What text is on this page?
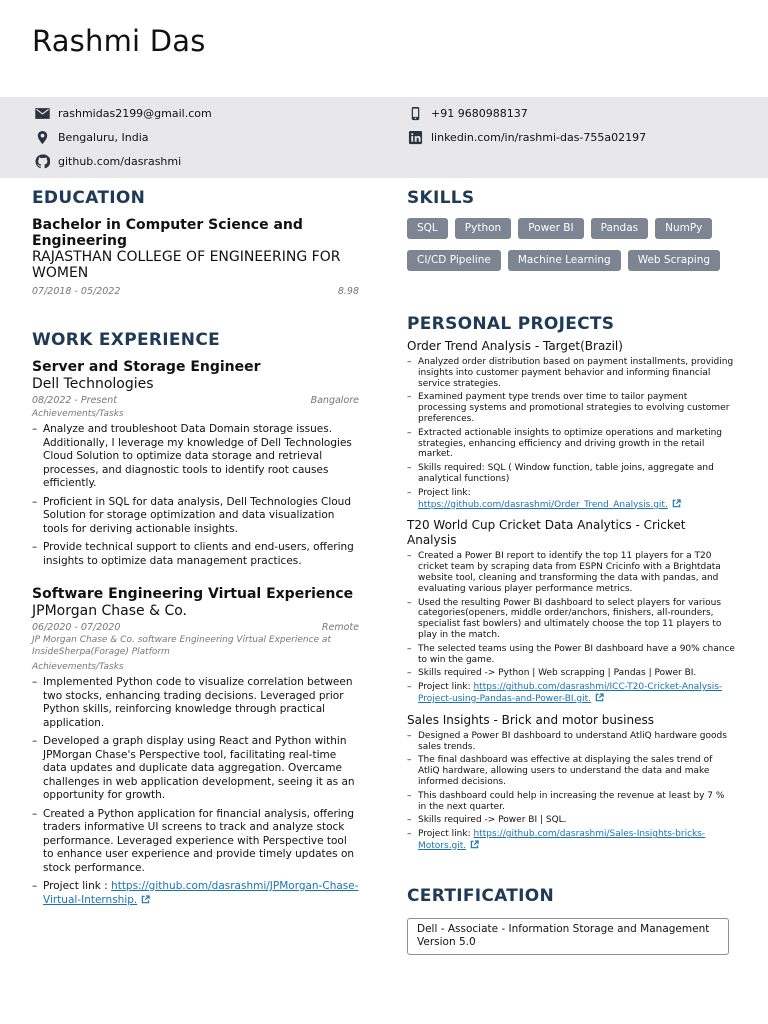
Rashmi Das
rashmidas2199@gmail.com
Bengaluru, India
github.com/dasrashmi
+91 9680988137
linkedin.com/in/rashmi-das-755a02197
EDUCATION
Bachelor in Computer Science and Engineering
RAJASTHAN COLLEGE OF ENGINEERING FOR WOMEN
07/2018 - 05/2022	8.98
WORK EXPERIENCE
Server and Storage Engineer
Dell Technologies
08/2022 - Present	Bangalore
Achievements/Tasks
– Analyze and troubleshoot Data Domain storage issues. Additionally, I leverage my knowledge of Dell Technologies Cloud Solution to optimize data storage and retrieval processes, and diagnostic tools to identify root causes efficiently.
– Proficient in SQL for data analysis, Dell Technologies Cloud Solution for storage optimization and data visualization tools for deriving actionable insights.
– Provide technical support to clients and end-users, offering insights to optimize data management practices.
Software Engineering Virtual Experience
JPMorgan Chase & Co.
06/2020 - 07/2020	Remote
JP Morgan Chase & Co. software Engineering Virtual Experience at InsideSherpa(Forage) Platform
Achievements/Tasks
– Implemented Python code to visualize correlation between two stocks, enhancing trading decisions. Leveraged prior Python skills, reinforcing knowledge through practical application.
– Developed a graph display using React and Python within JPMorgan Chase's Perspective tool, facilitating real-time data updates and duplicate data aggregation. Overcame challenges in web application development, seeing it as an opportunity for growth.
– Created a Python application for financial analysis, offering traders informative UI screens to track and analyze stock performance. Leveraged experience with Perspective tool to enhance user experience and provide timely updates on stock performance.
– Project link : https://github.com/dasrashmi/JPMorgan-Chase-Virtual-Internship.
SKILLS
SQL	Python	Power BI	Pandas	NumPy
CI/CD Pipeline	Machine Learning	Web Scraping
PERSONAL PROJECTS
Order Trend Analysis - Target(Brazil)
– Analyzed order distribution based on payment installments, providing insights into customer payment behavior and informing financial service strategies.
– Examined payment type trends over time to tailor payment processing systems and promotional strategies to evolving customer preferences.
– Extracted actionable insights to optimize operations and marketing strategies, enhancing efficiency and driving growth in the retail market.
– Skills required: SQL ( Window function, table joins, aggregate and analytical functions)
– Project link:
https://github.com/dasrashmi/Order_Trend_Analysis.git.
T20 World Cup Cricket Data Analytics - Cricket Analysis
– Created a Power BI report to identify the top 11 players for a T20 cricket team by scraping data from ESPN Cricinfo with a Brightdata website tool, cleaning and transforming the data with pandas, and evaluating various player performance metrics.
– Used the resulting Power BI dashboard to select players for various categories(openers, middle order/anchors, finishers, all-rounders, specialist fast bowlers) and ultimately choose the top 11 players to play in the match.
– The selected teams using the Power BI dashboard have a 90% chance to win the game.
– Skills required -> Python | Web scrapping | Pandas | Power BI.
– Project link: https://github.com/dasrashmi/ICC-T20-Cricket-Analysis-Project-using-Pandas-and-Power-BI.git.
Sales Insights - Brick and motor business
– Designed a Power BI dashboard to understand AtliQ hardware goods sales trends.
– The final dashboard was effective at displaying the sales trend of AtliQ hardware, allowing users to understand the data and make informed decisions.
– This dashboard could help in increasing the revenue at least by 7 % in the next quarter.
– Skills required -> Power BI | SQL.
– Project link: https://github.com/dasrashmi/Sales-Insights-bricks-Motors.git.
CERTIFICATION
Dell - Associate - Information Storage and Management Version 5.0
